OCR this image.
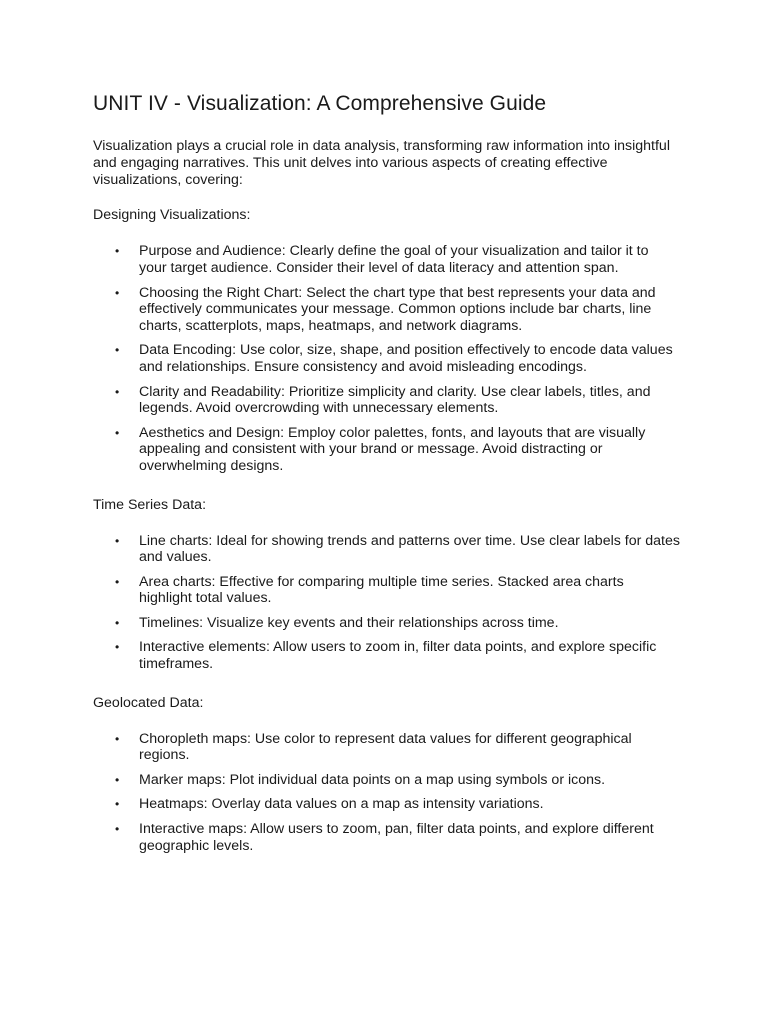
UNIT IV - Visualization: A Comprehensive Guide

Visualization plays a crucial role in data analysis, transforming raw information into insightful and engaging narratives. This unit delves into various aspects of creating effective visualizations, covering:

Designing Visualizations:

• Purpose and Audience: Clearly define the goal of your visualization and tailor it to your target audience. Consider their level of data literacy and attention span.
• Choosing the Right Chart: Select the chart type that best represents your data and effectively communicates your message. Common options include bar charts, line charts, scatterplots, maps, heatmaps, and network diagrams.
• Data Encoding: Use color, size, shape, and position effectively to encode data values and relationships. Ensure consistency and avoid misleading encodings.
• Clarity and Readability: Prioritize simplicity and clarity. Use clear labels, titles, and legends. Avoid overcrowding with unnecessary elements.
• Aesthetics and Design: Employ color palettes, fonts, and layouts that are visually appealing and consistent with your brand or message. Avoid distracting or overwhelming designs.

Time Series Data:

• Line charts: Ideal for showing trends and patterns over time. Use clear labels for dates and values.
• Area charts: Effective for comparing multiple time series. Stacked area charts highlight total values.
• Timelines: Visualize key events and their relationships across time.
• Interactive elements: Allow users to zoom in, filter data points, and explore specific timeframes.

Geolocated Data:

• Choropleth maps: Use color to represent data values for different geographical regions.
• Marker maps: Plot individual data points on a map using symbols or icons.
• Heatmaps: Overlay data values on a map as intensity variations.
• Interactive maps: Allow users to zoom, pan, filter data points, and explore different geographic levels.
